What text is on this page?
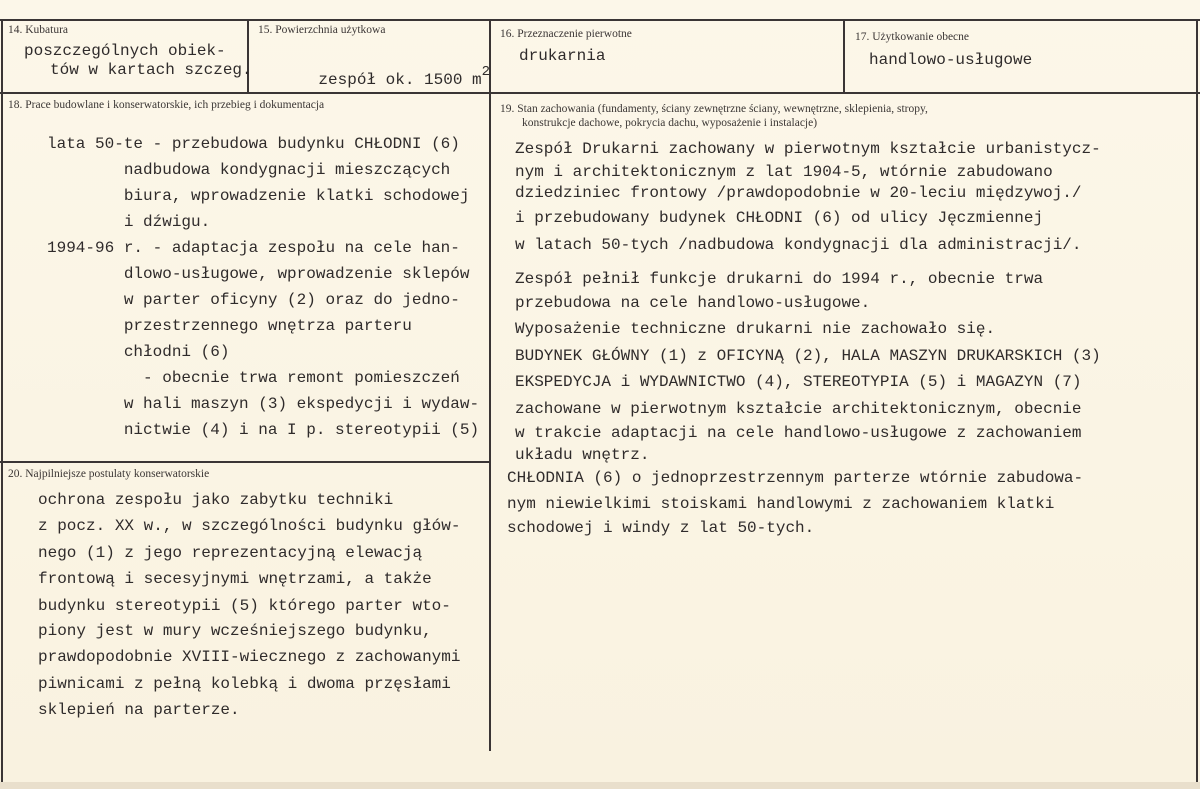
14. Kubatura
poszczególnych obiek-
tów w kartach szczeg.
15. Powierzchnia użytkowa

zespół ok. 1500 $m^2$

16. Przeznaczenie pierwotne
drukarnia
17. Użytkowanie obecne
handlowo-usługowe
18. Prace budowlane i konserwatorskie, ich przebieg i dokumentacja
lata 50-te - przebudowa budynku CHŁODNI (6)
nadbudowa kondygnacji mieszczących
biura, wprowadzenie klatki schodowej
i dźwigu.
1994-96 r. - adaptacja zespołu na cele han-
dlowo-usługowe, wprowadzenie sklepów
w parter oficyny (2) oraz do jedno-
przestrzennego wnętrza parteru
chłodni (6)
- obecnie trwa remont pomieszczeń
w hali maszyn (3) ekspedycji i wydaw-
nictwie (4) i na I p. stereotypii (5)
19. Stan zachowania (fundamenty, ściany zewnętrzne ściany, wewnętrzne, sklepienia, stropy,
konstrukcje dachowe, pokrycia dachu, wyposażenie i instalacje)
Zespół Drukarni zachowany w pierwotnym kształcie urbanistycz-
nym i architektonicznym z lat 1904-5, wtórnie zabudowano
dziedziniec frontowy /prawdopodobnie w 20-leciu międzywoj./
i przebudowany budynek CHŁODNI (6) od ulicy Jęczmiennej
w latach 50-tych /nadbudowa kondygnacji dla administracji/.
Zespół pełnił funkcje drukarni do 1994 r., obecnie trwa
przebudowa na cele handlowo-usługowe.
Wyposażenie techniczne drukarni nie zachowało się.
BUDYNEK GŁÓWNY (1) z OFICYNĄ (2), HALA MASZYN DRUKARSKICH (3)
EKSPEDYCJA i WYDAWNICTWO (4), STEREOTYPIA (5) i MAGAZYN (7)
zachowane w pierwotnym kształcie architektonicznym, obecnie
w trakcie adaptacji na cele handlowo-usługowe z zachowaniem
układu wnętrz.
CHŁODNIA (6) o jednoprzestrzennym parterze wtórnie zabudowa-
nym niewielkimi stoiskami handlowymi z zachowaniem klatki
schodowej i windy z lat 50-tych.
20. Najpilniejsze postulaty konserwatorskie
ochrona zespołu jako zabytku techniki
z pocz. XX w., w szczególności budynku głów-
nego (1) z jego reprezentacyjną elewacją
frontową i secesyjnymi wnętrzami, a także
budynku stereotypii (5) którego parter wto-
piony jest w mury wcześniejszego budynku,
prawdopodobnie XVIII-wiecznego z zachowanymi
piwnicami z pełną kolebką i dwoma przęsłami
sklepień na parterze.
